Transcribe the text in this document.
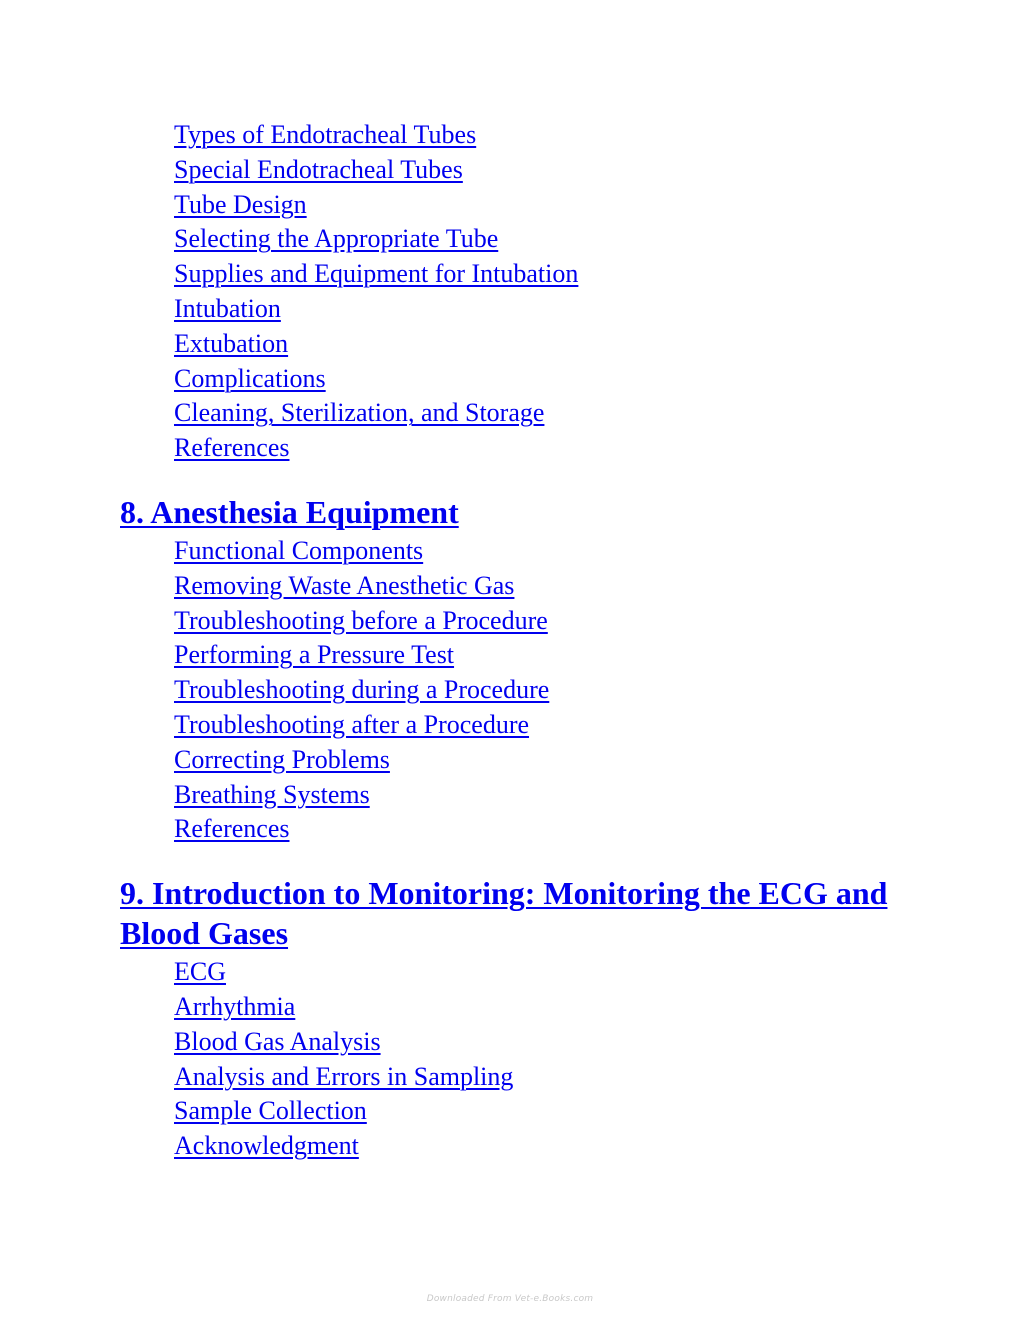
Types of Endotracheal Tubes
Special Endotracheal Tubes
Tube Design
Selecting the Appropriate Tube
Supplies and Equipment for Intubation
Intubation
Extubation
Complications
Cleaning, Sterilization, and Storage
References
8. Anesthesia Equipment
Functional Components
Removing Waste Anesthetic Gas
Troubleshooting before a Procedure
Performing a Pressure Test
Troubleshooting during a Procedure
Troubleshooting after a Procedure
Correcting Problems
Breathing Systems
References
9. Introduction to Monitoring: Monitoring the ECG and Blood Gases
ECG
Arrhythmia
Blood Gas Analysis
Analysis and Errors in Sampling
Sample Collection
Acknowledgment
Downloaded From Vet-e.Books.com
